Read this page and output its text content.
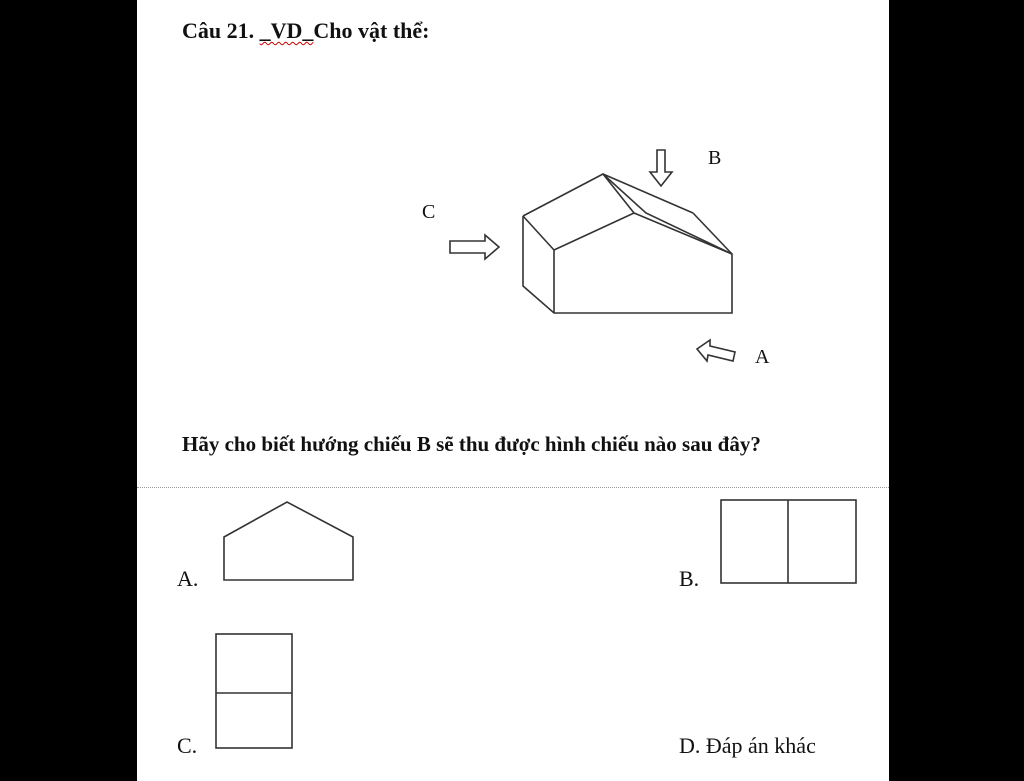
Câu 21. _VD_Cho vật thể:
B
C
A
Hãy cho biết hướng chiếu B sẽ thu được hình chiếu nào sau đây?
A.	B.
C.	D. Đáp án khác
